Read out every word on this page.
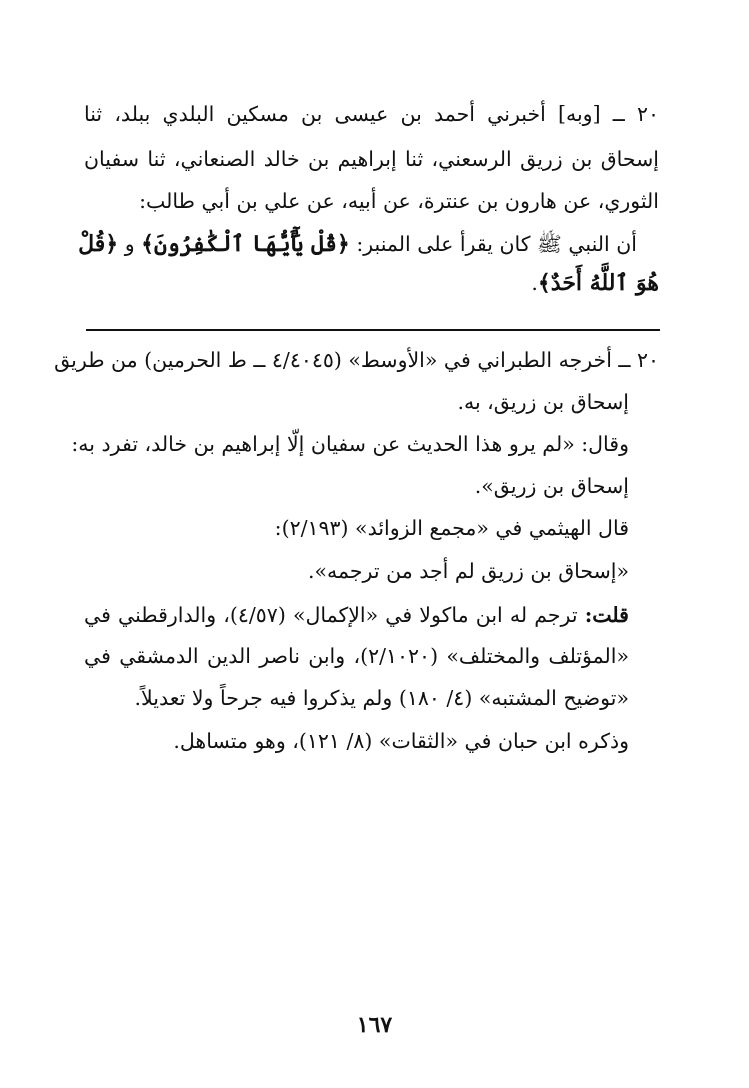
٢٠ ــ [وبه] أخبرني أحمد بن عيسى بن مسكين البلدي ببلد، ثنا
إسحاق بن زريق الرسعني، ثنا إبراهيم بن خالد الصنعاني، ثنا سفيان
الثوري، عن هارون بن عنترة، عن أبيه، عن علي بن أبي طالب:
أن النبي ﷺ كان يقرأ على المنبر: ﴿قُلْ يَٰٓأَيُّهَا ٱلْكَٰفِرُونَ﴾ و ﴿قُلْ
هُوَ ٱللَّهُ أَحَدٌ﴾.
٢٠ ــ أخرجه الطبراني في «الأوسط» (٤/٤٠٤٥ ــ ط الحرمين) من طريق
إسحاق بن زريق، به.
وقال: «لم يرو هذا الحديث عن سفيان إلّا إبراهيم بن خالد، تفرد به:
إسحاق بن زريق».
قال الهيثمي في «مجمع الزوائد» (٢/١٩٣):
«إسحاق بن زريق لم أجد من ترجمه».
قلت: ترجم له ابن ماكولا في «الإكمال» (٤/٥٧)، والدارقطني في
«المؤتلف والمختلف» (٢/١٠٢٠)، وابن ناصر الدين الدمشقي في
«توضيح المشتبه» (٤/ ١٨٠) ولم يذكروا فيه جرحاً ولا تعديلاً.
وذكره ابن حبان في «الثقات» (٨/ ١٢١)، وهو متساهل.
١٦٧
